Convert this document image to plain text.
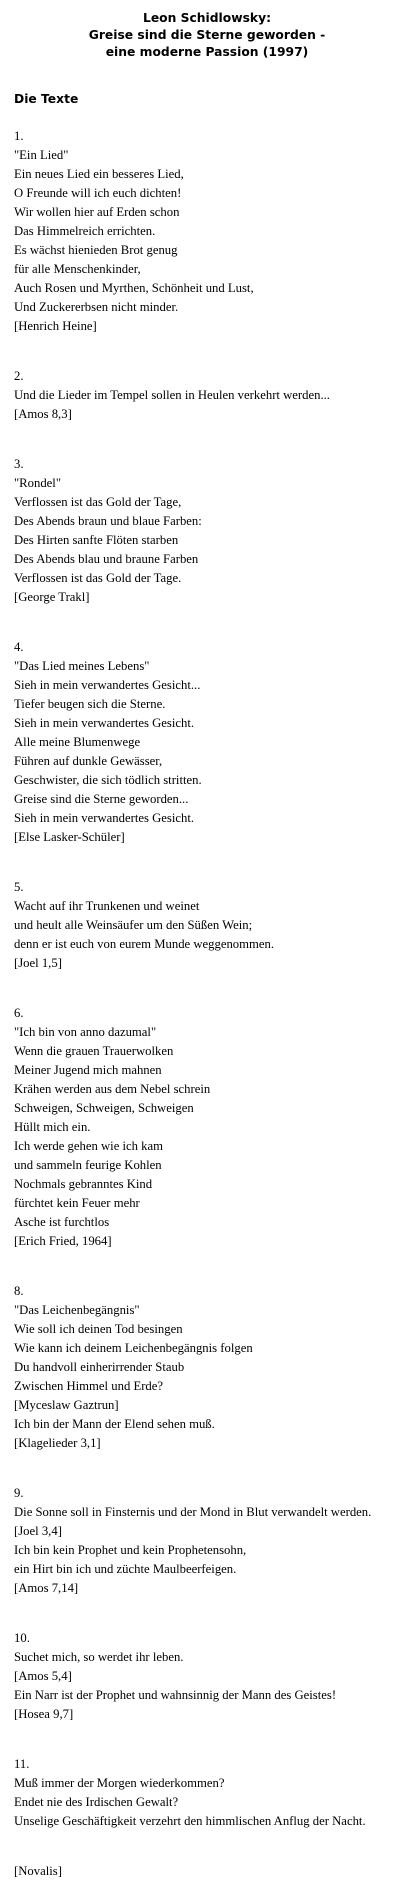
Leon Schidlowsky:
Greise sind die Sterne geworden -
eine moderne Passion (1997)
Die Texte
1.
"Ein Lied"
Ein neues Lied ein besseres Lied,
O Freunde will ich euch dichten!
Wir wollen hier auf Erden schon
Das Himmelreich errichten.
Es wächst hienieden Brot genug
für alle Menschenkinder,
Auch Rosen und Myrthen, Schönheit und Lust,
Und Zuckererbsen nicht minder.
[Henrich Heine]
2.
Und die Lieder im Tempel sollen in Heulen verkehrt werden...
[Amos 8,3]
3.
"Rondel"
Verflossen ist das Gold der Tage,
Des Abends braun und blaue Farben:
Des Hirten sanfte Flöten starben
Des Abends blau und braune Farben
Verflossen ist das Gold der Tage.
[George Trakl]
4.
"Das Lied meines Lebens"
Sieh in mein verwandertes Gesicht...
Tiefer beugen sich die Sterne.
Sieh in mein verwandertes Gesicht.
Alle meine Blumenwege
Führen auf dunkle Gewässer,
Geschwister, die sich tödlich stritten.
Greise sind die Sterne geworden...
Sieh in mein verwandertes Gesicht.
[Else Lasker-Schüler]
5.
Wacht auf ihr Trunkenen und weinet
und heult alle Weinsäufer um den Süßen Wein;
denn er ist euch von eurem Munde weggenommen.
[Joel 1,5]
6.
"Ich bin von anno dazumal"
Wenn die grauen Trauerwolken
Meiner Jugend mich mahnen
Krähen werden aus dem Nebel schrein
Schweigen, Schweigen, Schweigen
Hüllt mich ein.
Ich werde gehen wie ich kam
und sammeln feurige Kohlen
Nochmals gebranntes Kind
fürchtet kein Feuer mehr
Asche ist furchtlos
[Erich Fried, 1964]
8.
"Das Leichenbegängnis"
Wie soll ich deinen Tod besingen
Wie kann ich deinem Leichenbegängnis folgen
Du handvoll einherirrender Staub
Zwischen Himmel und Erde?
[Myceslaw Gaztrun]
Ich bin der Mann der Elend sehen muß.
[Klagelieder 3,1]
9.
Die Sonne soll in Finsternis und der Mond in Blut verwandelt werden.
[Joel 3,4]
Ich bin kein Prophet und kein Prophetensohn,
ein Hirt bin ich und züchte Maulbeerfeigen.
[Amos 7,14]
10.
Suchet mich, so werdet ihr leben.
[Amos 5,4]
Ein Narr ist der Prophet und wahnsinnig der Mann des Geistes!
[Hosea 9,7]
11.
Muß immer der Morgen wiederkommen?
Endet nie des Irdischen Gewalt?
Unselige Geschäftigkeit verzehrt den himmlischen Anflug der Nacht.
[Novalis]
